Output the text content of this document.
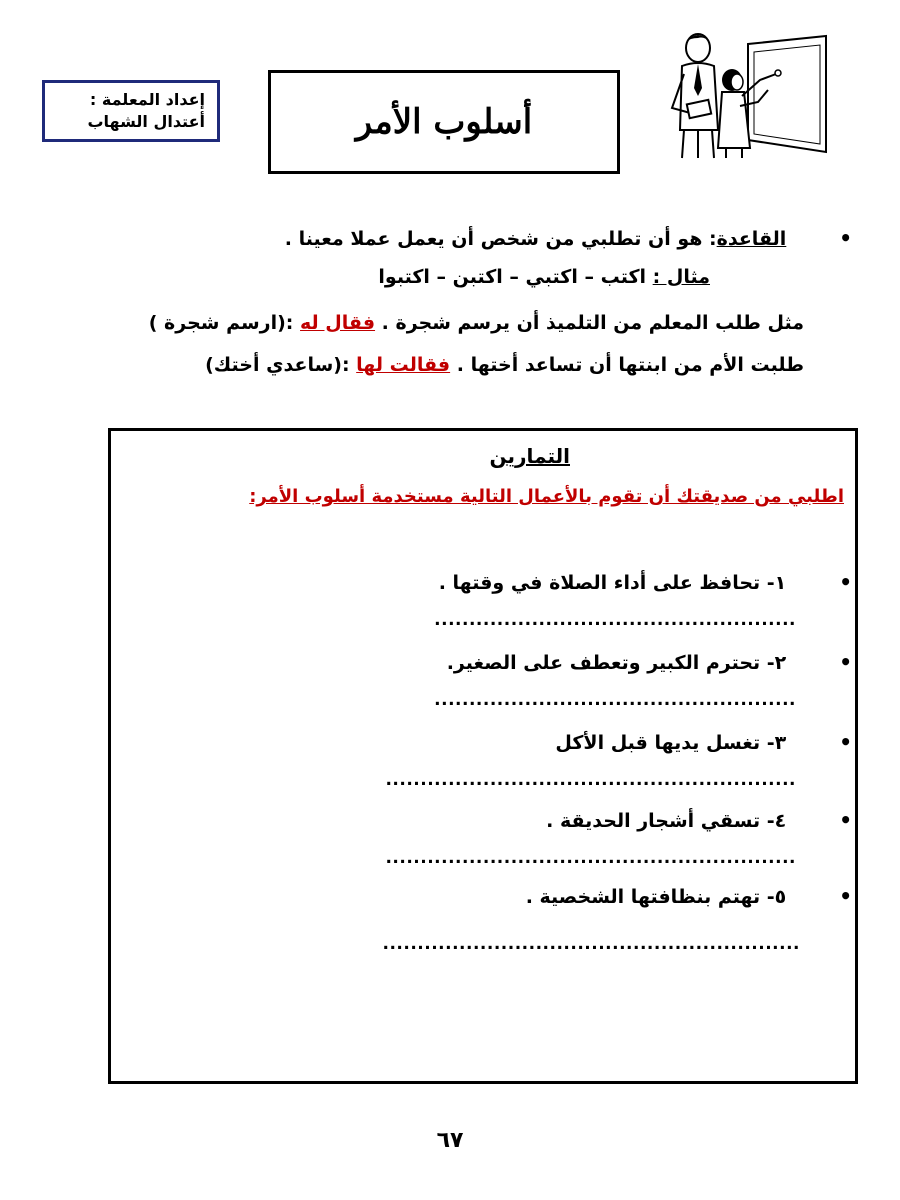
إعداد المعلمة :
أعتدال الشهاب	أسلوب الأمر
•        القاعدة: هو أن تطلبي من شخص أن يعمل عملا معينا .
مثال : اكتب – اكتبي – اكتبن – اكتبوا
مثل طلب المعلم من التلميذ أن يرسم شجرة . فقال له :(ارسم شجرة )
طلبت الأم من ابنتها أن تساعد أختها . فقالت لها :(ساعدي أختك)
التمارين
اطلبي من صديقتك أن تقوم بالأعمال التالية مستخدمة أسلوب الأمر:
•        ١- تحافظ على أداء الصلاة في وقتها .
....................................................
•        ٢- تحترم الكبير وتعطف على الصغير.
....................................................
•        ٣- تغسل يديها قبل الأكل
...........................................................
•        ٤- تسقي أشجار الحديقة .
...........................................................
•        ٥- تهتم بنظافتها الشخصية .
............................................................
٦٧
